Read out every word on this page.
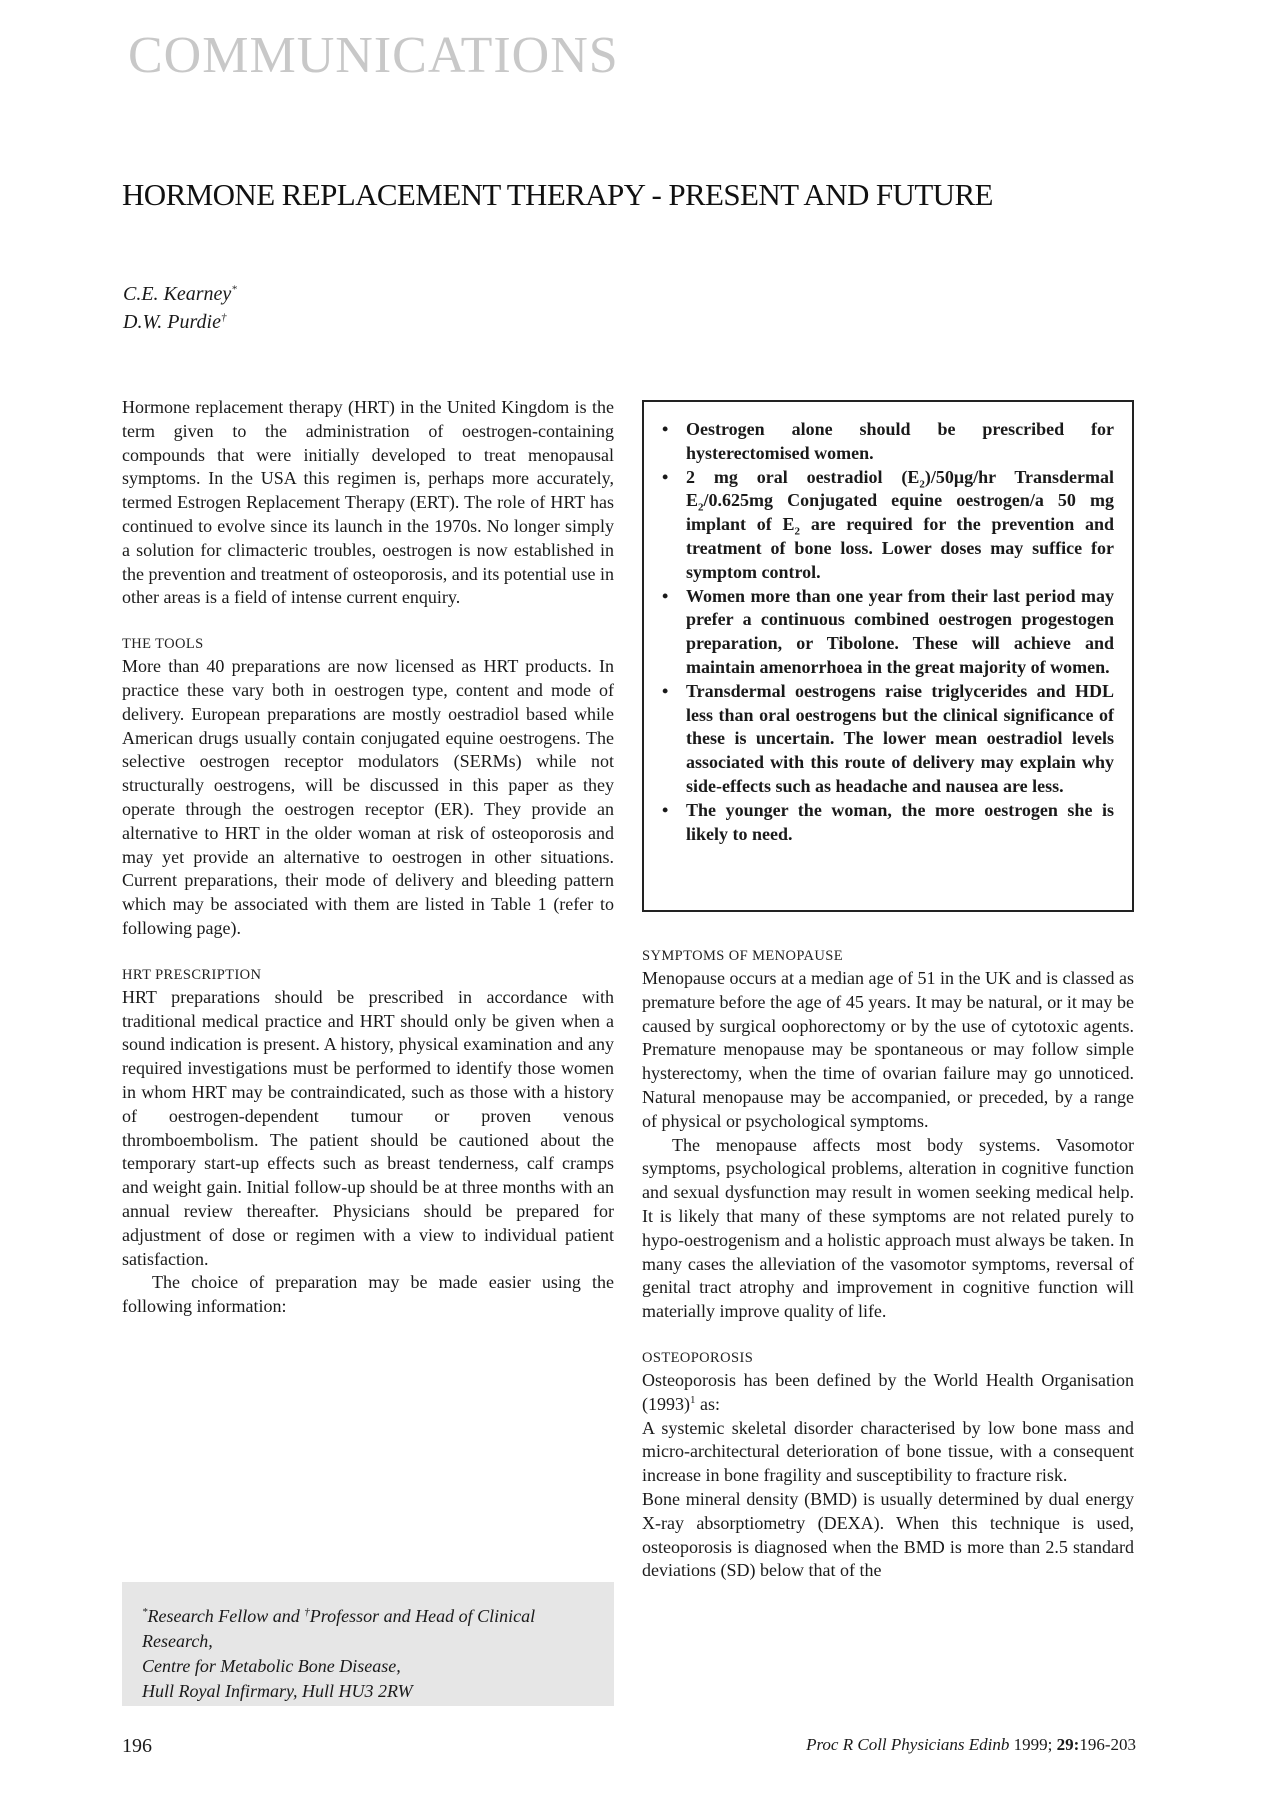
COMMUNICATIONS
HORMONE REPLACEMENT THERAPY - PRESENT AND FUTURE
C.E. Kearney*
D.W. Purdie†

Hormone replacement therapy (HRT) in the United Kingdom is the term given to the administration of oestrogen-containing compounds that were initially developed to treat menopausal symptoms. In the USA this regimen is, perhaps more accurately, termed Estrogen Replacement Therapy (ERT). The role of HRT has continued to evolve since its launch in the 1970s. No longer simply a solution for climacteric troubles, oestrogen is now established in the prevention and treatment of osteoporosis, and its potential use in other areas is a field of intense current enquiry.

THE TOOLS

More than 40 preparations are now licensed as HRT products. In practice these vary both in oestrogen type, content and mode of delivery. European preparations are mostly oestradiol based while American drugs usually contain conjugated equine oestrogens. The selective oestrogen receptor modulators (SERMs) while not structurally oestrogens, will be discussed in this paper as they operate through the oestrogen receptor (ER). They provide an alternative to HRT in the older woman at risk of osteoporosis and may yet provide an alternative to oestrogen in other situations. Current preparations, their mode of delivery and bleeding pattern which may be associated with them are listed in Table 1 (refer to following page).

HRT PRESCRIPTION

HRT preparations should be prescribed in accordance with traditional medical practice and HRT should only be given when a sound indication is present. A history, physical examination and any required investigations must be performed to identify those women in whom HRT may be contraindicated, such as those with a history of oestrogen-dependent tumour or proven venous thromboembolism. The patient should be cautioned about the temporary start-up effects such as breast tenderness, calf cramps and weight gain. Initial follow-up should be at three months with an annual review thereafter. Physicians should be prepared for adjustment of dose or regimen with a view to individual patient satisfaction.

The choice of preparation may be made easier using the following information:

• Oestrogen alone should be prescribed for hysterectomised women.
• 2 mg oral oestradiol $(E_2)/50\mu g/hr$ Transdermal $E_2/0.625mg$ Conjugated equine oestrogen/a 50 mg implant of $E_2$ are required for the prevention and treatment of bone loss. Lower doses may suffice for symptom control.
• Women more than one year from their last period may prefer a continuous combined oestrogen progestogen preparation, or Tibolone. These will achieve and maintain amenorrhoea in the great majority of women.
• Transdermal oestrogens raise triglycerides and HDL less than oral oestrogens but the clinical significance of these is uncertain. The lower mean oestradiol levels associated with this route of delivery may explain why side-effects such as headache and nausea are less.
• The younger the woman, the more oestrogen she is likely to need.
SYMPTOMS OF MENOPAUSE

Menopause occurs at a median age of 51 in the UK and is classed as premature before the age of 45 years. It may be natural, or it may be caused by surgical oophorectomy or by the use of cytotoxic agents. Premature menopause may be spontaneous or may follow simple hysterectomy, when the time of ovarian failure may go unnoticed. Natural menopause may be accompanied, or preceded, by a range of physical or psychological symptoms.

The menopause affects most body systems. Vasomotor symptoms, psychological problems, alteration in cognitive function and sexual dysfunction may result in women seeking medical help. It is likely that many of these symptoms are not related purely to hypo-oestrogenism and a holistic approach must always be taken. In many cases the alleviation of the vasomotor symptoms, reversal of genital tract atrophy and improvement in cognitive function will materially improve quality of life.

OSTEOPOROSIS

Osteoporosis has been defined by the World Health Organisation $(1993)^1$ as:

A systemic skeletal disorder characterised by low bone mass and micro-architectural deterioration of bone tissue, with a consequent increase in bone fragility and susceptibility to fracture risk.

Bone mineral density (BMD) is usually determined by dual energy X-ray absorptiometry (DEXA). When this technique is used, osteoporosis is diagnosed when the BMD is more than 2.5 standard deviations (SD) below that of the

*Research Fellow and †Professor and Head of Clinical Research,
Centre for Metabolic Bone Disease,
Hull Royal Infirmary, Hull HU3 2RW
196	Proc R Coll Physicians Edinb 1999; 29:196-203
